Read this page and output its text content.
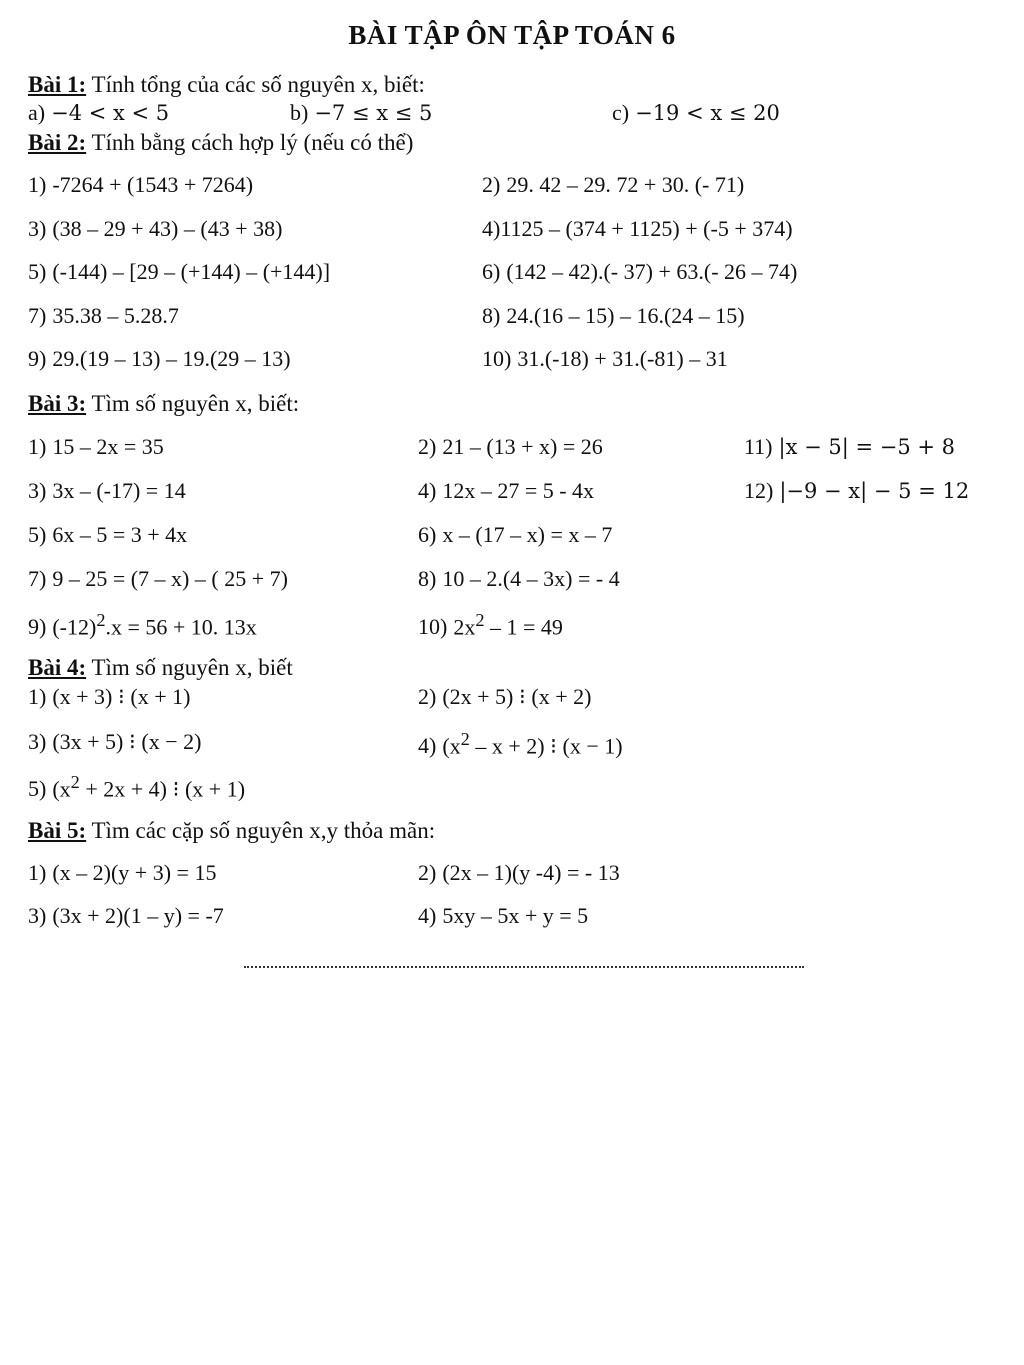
BÀI TẬP ÔN TẬP TOÁN 6
Bài 1: Tính tổng của các số nguyên x, biết:
a) −4 < x < 5	b) −7 ≤ x ≤ 5	c) −19 < x ≤ 20
Bài 2: Tính bằng cách hợp lý (nếu có thể)
1) -7264 + (1543 + 7264)	2) 29. 42 – 29. 72 + 30. (- 71)
3) (38 – 29 + 43) – (43 + 38)	4)1125 – (374 + 1125) + (-5 + 374)
5) (-144) – [29 – (+144) – (+144)]	6) (142 – 42).(- 37) + 63.(- 26 – 74)
7) 35.38 – 5.28.7	8) 24.(16 – 15) – 16.(24 – 15)
9) 29.(19 – 13) – 19.(29 – 13)	10) 31.(-18) + 31.(-81) – 31
Bài 3: Tìm số nguyên x, biết:
1) 15 – 2x = 35	2) 21 – (13 + x) = 26	11) |x − 5| = −5 + 8
3) 3x – (-17) = 14	4) 12x – 27 = 5 - 4x	12) |−9 − x| − 5 = 12
5) 6x – 5 = 3 + 4x	6) x – (17 – x) = x – 7
7) 9 – 25 = (7 – x) – ( 25 + 7)	8) 10 – 2.(4 – 3x) = - 4
9) $(-12)^2.x = 56 + 10$. 13x	10) $2x^2 - 1 = 49$
Bài 4: Tìm số nguyên x, biết
1) (x + 3) ⁝ (x + 1)	2) (2x + 5) ⁝ (x + 2)
3) (3x + 5) ⁝ (x − 2)	4) $(x^2 - x + 2)$ ⁝ (x − 1)
5) $(x^2 + 2x + 4)$ ⁝ (x + 1)
Bài 5: Tìm các cặp số nguyên x,y thỏa mãn:
1) (x – 2)(y + 3) = 15	2) (2x – 1)(y -4) = - 13
3) (3x + 2)(1 – y) = -7	4) 5xy – 5x + y = 5
